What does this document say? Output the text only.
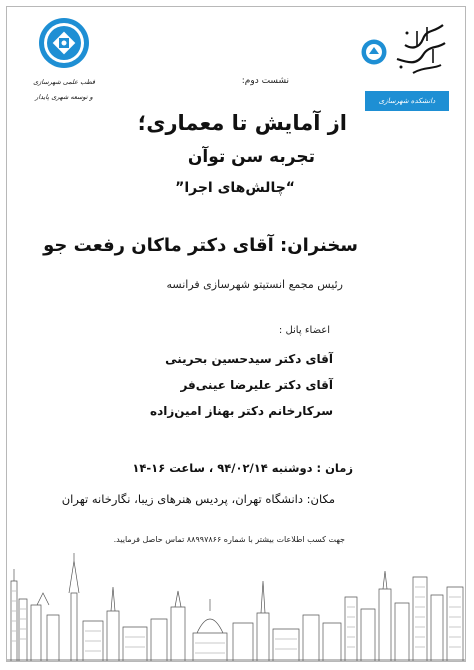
قطب علمی شهرسازی
و توسعه شهری پایدار	دانشکده شهرسازی
نشست دوم:
از آمایش تا معماری؛
تجربه سن توآن
“چالش‌های اجرا”
سخنران: آقای دکتر ماکان رفعت جو
رئیس مجمع انستیتو شهرسازی فرانسه
اعضاء پانل :
آقای دکتر سیدحسین بحرینی
آقای دکتر علیرضا عینی‌فر
سرکارخانم دکتر بهناز امین‌زاده
زمان : دوشنبه ۹۴/۰۲/۱۴ ، ساعت ۱۶-۱۴
مکان: دانشگاه تهران، پردیس هنرهای زیبا، نگارخانه تهران
جهت کسب اطلاعات بیشتر با شماره ۸۸۹۹۷۸۶۶ تماس حاصل فرمایید.
